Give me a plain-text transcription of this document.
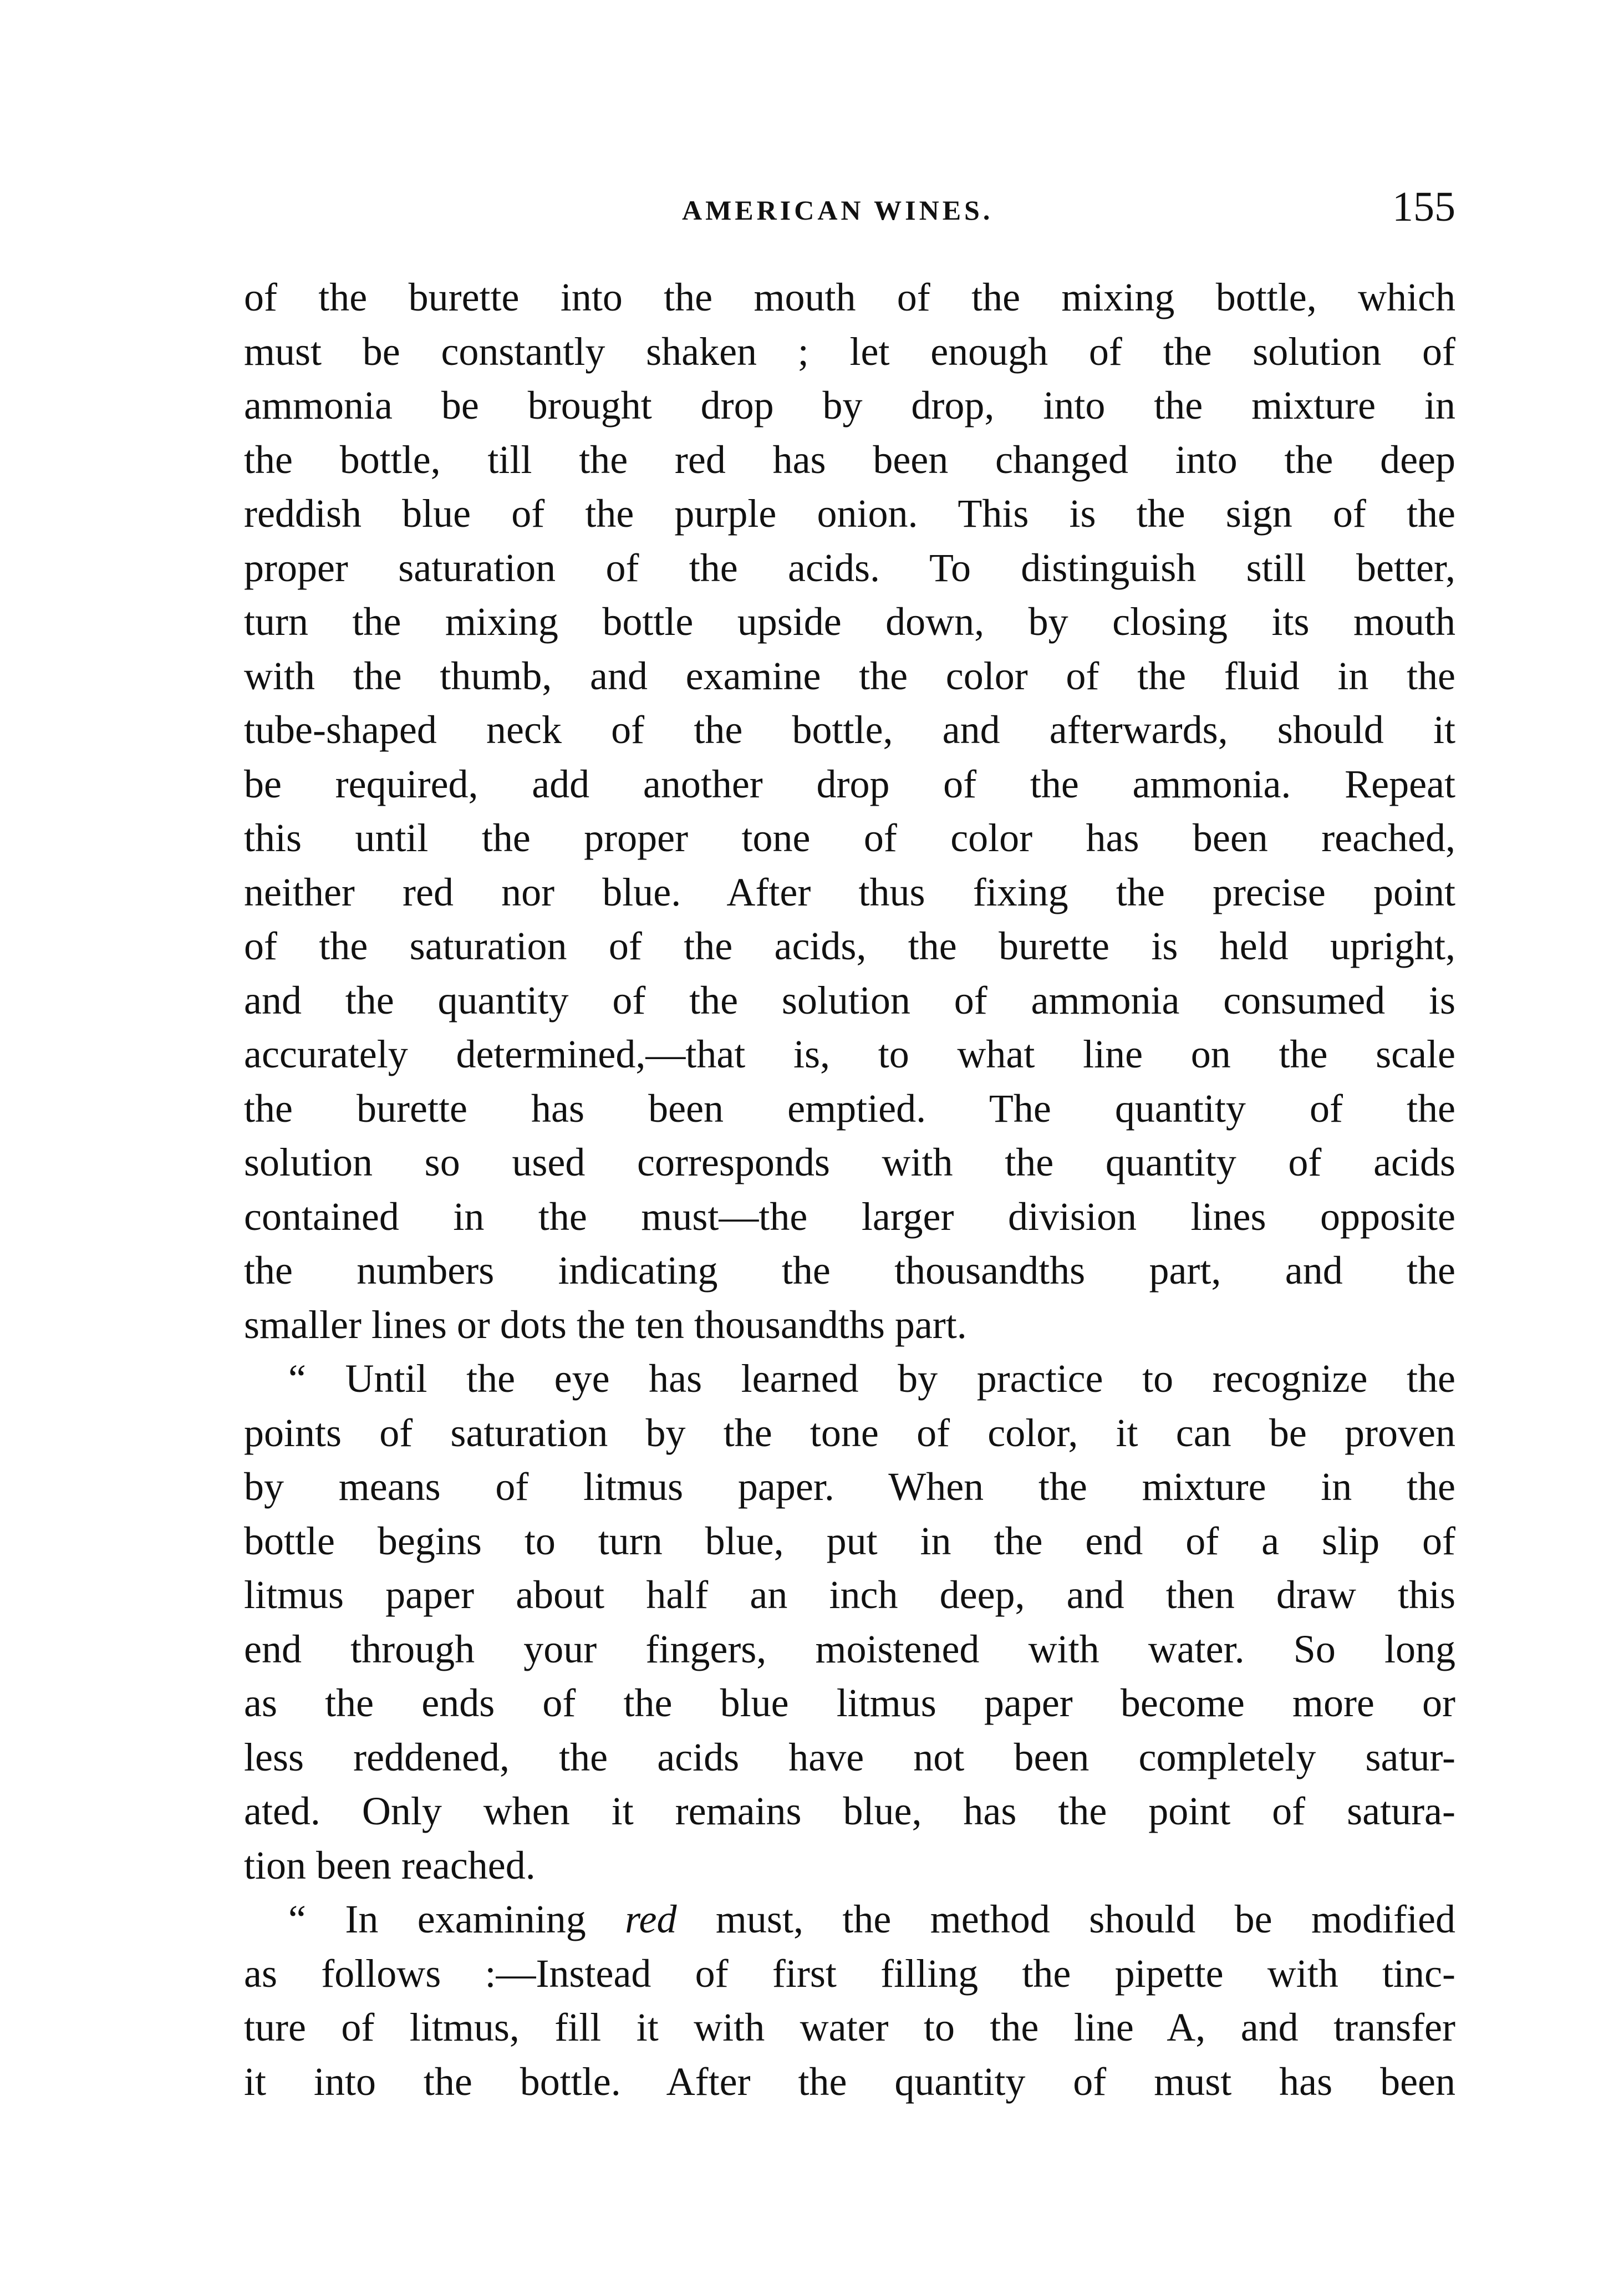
AMERICAN WINES.	155
of the burette into the mouth of the mixing bottle, which
must be constantly shaken ; let enough of the solution of
ammonia be brought drop by drop, into the mixture in
the bottle, till the red has been changed into the deep
reddish blue of the purple onion. This is the sign of the
proper saturation of the acids. To distinguish still better,
turn the mixing bottle upside down, by closing its mouth
with the thumb, and examine the color of the fluid in the
tube-shaped neck of the bottle, and afterwards, should it
be required, add another drop of the ammonia. Repeat
this until the proper tone of color has been reached,
neither red nor blue. After thus fixing the precise point
of the saturation of the acids, the burette is held upright,
and the quantity of the solution of ammonia consumed is
accurately determined,—that is, to what line on the scale
the burette has been emptied. The quantity of the
solution so used corresponds with the quantity of acids
contained in the must—the larger division lines opposite
the numbers indicating the thousandths part, and the
smaller lines or dots the ten thousandths part.
“ Until the eye has learned by practice to recognize the
points of saturation by the tone of color, it can be proven
by means of litmus paper. When the mixture in the
bottle begins to turn blue, put in the end of a slip of
litmus paper about half an inch deep, and then draw this
end through your fingers, moistened with water. So long
as the ends of the blue litmus paper become more or
less reddened, the acids have not been completely satur-
ated. Only when it remains blue, has the point of satura-
tion been reached.
“ In examining red must, the method should be modified
as follows :—Instead of first filling the pipette with tinc-
ture of litmus, fill it with water to the line A, and transfer
it into the bottle. After the quantity of must has been
